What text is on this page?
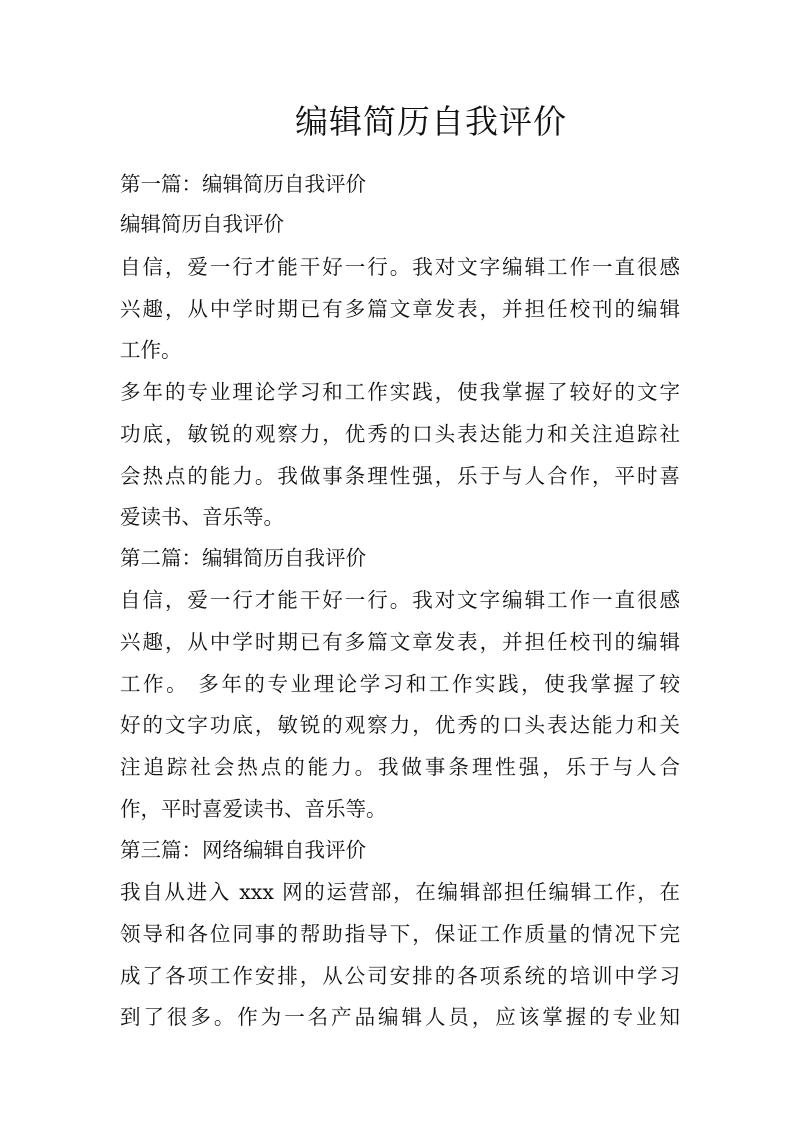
编辑简历自我评价
第一篇：编辑简历自我评价
编辑简历自我评价
自信，爱一行才能干好一行。我对文字编辑工作一直很感
兴趣，从中学时期已有多篇文章发表，并担任校刊的编辑
工作。
多年的专业理论学习和工作实践，使我掌握了较好的文字
功底，敏锐的观察力，优秀的口头表达能力和关注追踪社
会热点的能力。我做事条理性强，乐于与人合作，平时喜
爱读书、音乐等。
第二篇：编辑简历自我评价
自信，爱一行才能干好一行。我对文字编辑工作一直很感
兴趣，从中学时期已有多篇文章发表，并担任校刊的编辑
工作。 多年的专业理论学习和工作实践，使我掌握了较
好的文字功底，敏锐的观察力，优秀的口头表达能力和关
注追踪社会热点的能力。我做事条理性强，乐于与人合
作，平时喜爱读书、音乐等。
第三篇：网络编辑自我评价
我自从进入 xxx 网的运营部，在编辑部担任编辑工作，在
领导和各位同事的帮助指导下，保证工作质量的情况下完
成了各项工作安排，从公司安排的各项系统的培训中学习
到了很多。作为一名产品编辑人员，应该掌握的专业知
